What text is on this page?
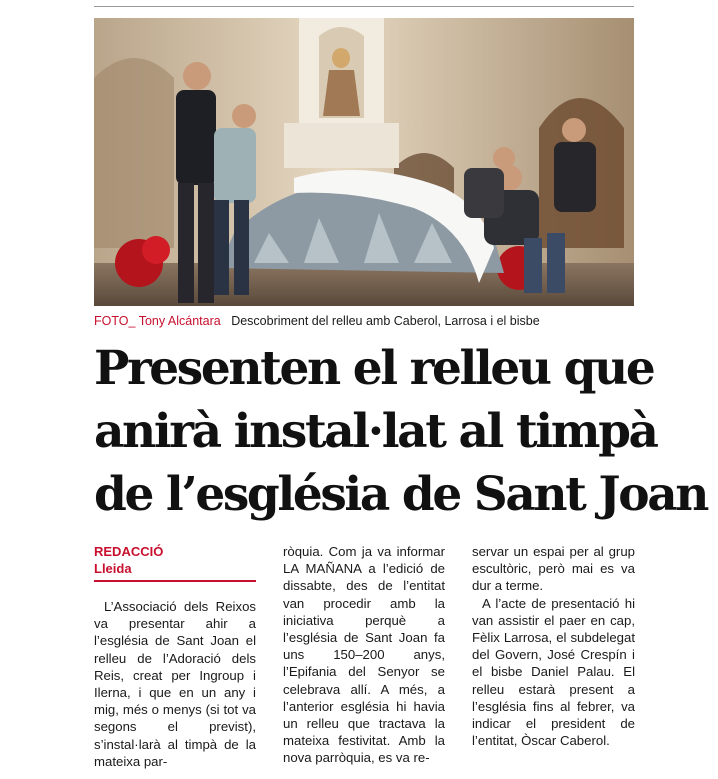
FOTO_ Tony Alcántara Descobriment del relleu amb Caberol, Larrosa i el bisbe
Presenten el relleu que
anirà instal·lat al timpà
de l’església de Sant Joan
REDACCIÓ
Lleida

L’Associació dels Reixos va presentar ahir a l’església de Sant Joan el relleu de l’Adoració dels Reis, creat per Ingroup i Ilerna, i que en un any i mig, més o menys (si tot va segons el previst), s’instal·larà al timpà de la mateixa par-

ròquia. Com ja va informar LA MAÑANA a l’edició de dissabte, des de l’entitat van procedir amb la iniciativa perquè a l’església de Sant Joan fa uns 150–200 anys, l’Epifania del Senyor se celebrava allí. A més, a l’anterior església hi havia un relleu que tractava la mateixa festivitat. Amb la nova parròquia, es va re-

servar un espai per al grup escultòric, però mai es va dur a terme.

A l’acte de presentació hi van assistir el paer en cap, Fèlix Larrosa, el subdelegat del Govern, José Crespín i el bisbe Daniel Palau. El relleu estarà present a l’església fins al febrer, va indicar el president de l’entitat, Òscar Caberol.
